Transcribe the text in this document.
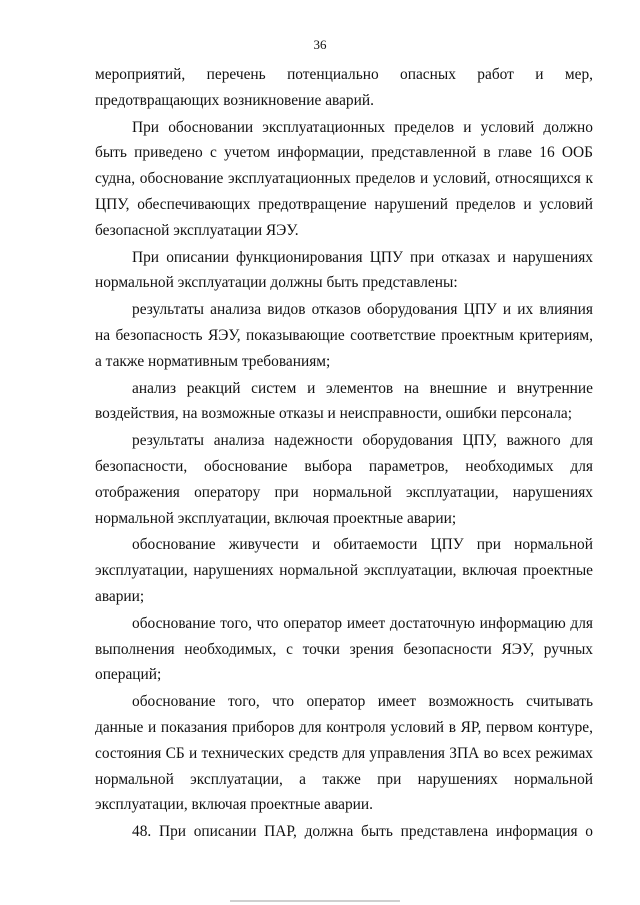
36

мероприятий, перечень потенциально опасных работ и мер, предотвращающих возникновение аварий.

При обосновании эксплуатационных пределов и условий должно быть приведено с учетом информации, представленной в главе 16 ООБ судна, обоснование эксплуатационных пределов и условий, относящихся к ЦПУ, обеспечивающих предотвращение нарушений пределов и условий безопасной эксплуатации ЯЭУ.

При описании функционирования ЦПУ при отказах и нарушениях нормальной эксплуатации должны быть представлены:

результаты анализа видов отказов оборудования ЦПУ и их влияния на безопасность ЯЭУ, показывающие соответствие проектным критериям, а также нормативным требованиям;

анализ реакций систем и элементов на внешние и внутренние воздействия, на возможные отказы и неисправности, ошибки персонала;

результаты анализа надежности оборудования ЦПУ, важного для безопасности, обоснование выбора параметров, необходимых для отображения оператору при нормальной эксплуатации, нарушениях нормальной эксплуатации, включая проектные аварии;

обоснование живучести и обитаемости ЦПУ при нормальной эксплуатации, нарушениях нормальной эксплуатации, включая проектные аварии;

обоснование того, что оператор имеет достаточную информацию для выполнения необходимых, с точки зрения безопасности ЯЭУ, ручных операций;

обоснование того, что оператор имеет возможность считывать данные и показания приборов для контроля условий в ЯР, первом контуре, состояния СБ и технических средств для управления ЗПА во всех режимах нормальной эксплуатации, а также при нарушениях нормальной эксплуатации, включая проектные аварии.

48. При описании ПАР, должна быть представлена информация о
